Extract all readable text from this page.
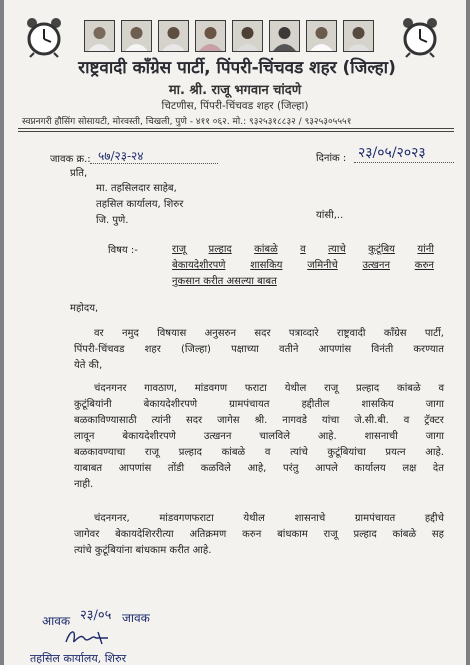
राष्ट्रवादी कॉंग्रेस पार्टी, पिंपरी-चिंचवड शहर (जिल्हा)
मा. श्री. राजू भगवान चांदणे
चिटणीस, पिंपरी-चिंचवड शहर (जिल्हा)
स्वप्ननगरी हौसिंग सोसायटी, मोरवस्ती, चिखली, पुणे - ४११ ०६२. मो.: ९३२५३१८८३२ / ९३२५३०५५५१
जावक क्र.: ५७/२३-२४	दिनांक : २३/०५/२०२३
प्रति,
मा. तहसिलदार साहेब,
तहसिल कार्यालय, शिरुर
जि. पुणे.	यांसी,..
विषय :-	राजू प्रल्हाद कांबळे व त्याचे कुटूंबिय यांनी
बेकायदेशीरपणे शासकिय जमिनीचे उत्खनन करुन
नुकसान करीत असल्या बाबत
महोदय,
वर नमुद विषयास अनुसरुन सदर पत्राव्दारे राष्ट्रवादी कॉंग्रेस पार्टी,
पिंपरी-चिंचवड शहर (जिल्हा) पक्षाच्या वतीने आपणांस विनंती करण्यात
येते की,
चंदनगनर गावठाण, मांडवगण फराटा येथील राजू प्रल्हाद कांबळे व
कुटूंबियांनी	बेकायदेशीरपणे	ग्रामपंचायत	हद्दीतील	शासकिय	जागा
बळकाविण्यासाठी त्यांनी सदर जागेस श्री. नागवडे यांचा जे.सी.बी. व ट्रॅक्टर
लावून	बेकायदेशीरपणे	उत्खनन	चालविले	आहे.	शासनाची	जागा
बळकावण्याचा राजू प्रल्हाद कांबळे व त्यांचे कुटूंबियांचा प्रयत्न आहे.
याबाबत आपणांस तोंडी कळविले आहे, परंतु आपले कार्यालय लक्ष देत
नाही.
चंदनगनर,	मांडवगणफराटा	येथील	शासनाचे	ग्रामपंचायत	हद्दीचे
जागेवर बेकायदेशिररीत्या अतिक्रमण करुन बांधकाम राजू प्रल्हाद कांबळे सह
त्यांचे कुटूंबियांना बांधकाम करीत आहे.
आवक २३/०५ जावक
तहसिल कार्यालय, शिरुर
